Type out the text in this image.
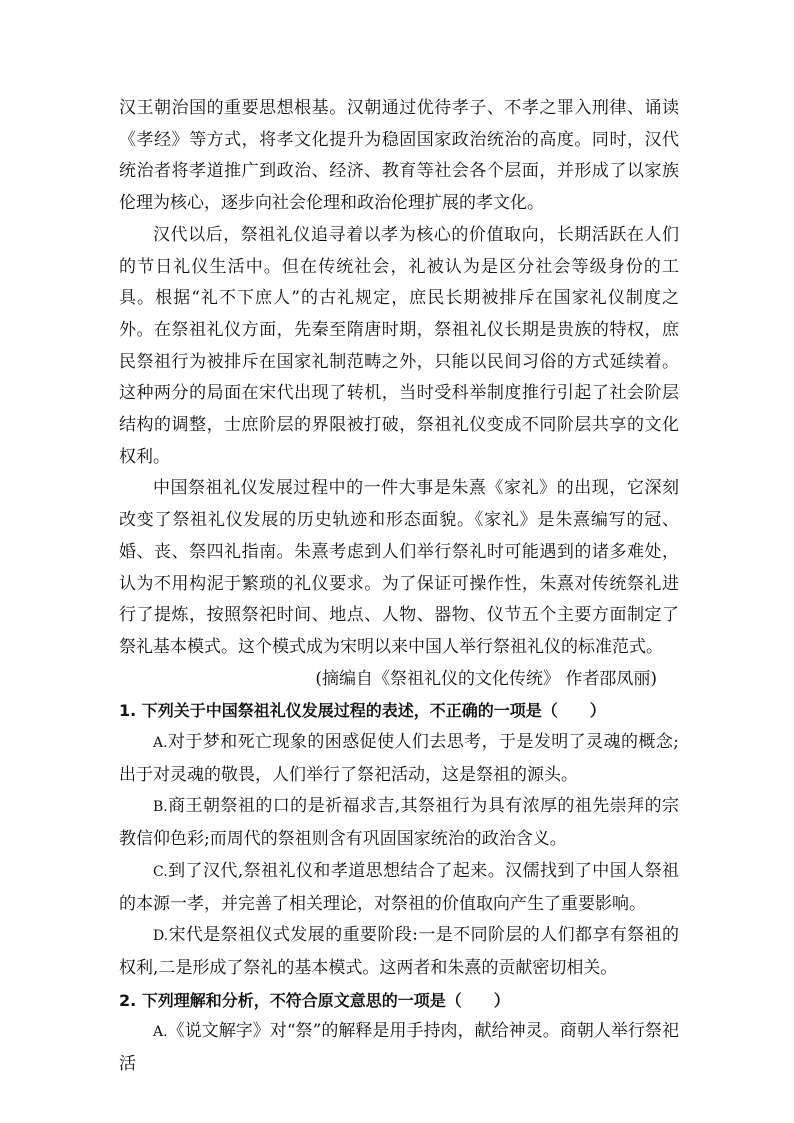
汉王朝治国的重要思想根基。汉朝通过优待孝子、不孝之罪入刑律、诵读《孝经》等方式，将孝文化提升为稳固国家政治统治的高度。同时，汉代统治者将孝道推广到政治、经济、教育等社会各个层面，并形成了以家族伦理为核心，逐步向社会伦理和政治伦理扩展的孝文化。

汉代以后，祭祖礼仪追寻着以孝为核心的价值取向，长期活跃在人们的节日礼仪生活中。但在传统社会，礼被认为是区分社会等级身份的工具。根据“礼不下庶人”的古礼规定，庶民长期被排斥在国家礼仪制度之外。在祭祖礼仪方面，先秦至隋唐时期，祭祖礼仪长期是贵族的特权，庶民祭祖行为被排斥在国家礼制范畴之外，只能以民间习俗的方式延续着。这种两分的局面在宋代出现了转机，当时受科举制度推行引起了社会阶层结构的调整，士庶阶层的界限被打破，祭祖礼仪变成不同阶层共享的文化权利。

中国祭祖礼仪发展过程中的一件大事是朱熹《家礼》的出现，它深刻改变了祭祖礼仪发展的历史轨迹和形态面貌。《家礼》是朱熹编写的冠、婚、丧、祭四礼指南。朱熹考虑到人们举行祭礼时可能遇到的诸多难处，认为不用构泥于繁琐的礼仪要求。为了保证可操作性，朱熹对传统祭礼进行了提炼，按照祭祀时间、地点、人物、器物、仪节五个主要方面制定了祭礼基本模式。这个模式成为宋明以来中国人举行祭祖礼仪的标准范式。

(摘编自《祭祖礼仪的文化传统》 作者邵凤丽)

1. 下列关于中国祭祖礼仪发展过程的表述，不正确的一项是（　　）

A.对于梦和死亡现象的困惑促使人们去思考，于是发明了灵魂的概念;出于对灵魂的敬畏，人们举行了祭祀活动，这是祭祖的源头。

B.商王朝祭祖的口的是祈福求吉,其祭祖行为具有浓厚的祖先崇拜的宗教信仰色彩;而周代的祭祖则含有巩固国家统治的政治含义。

C.到了汉代,祭祖礼仪和孝道思想结合了起来。汉儒找到了中国人祭祖的本源一孝，并完善了相关理论，对祭祖的价值取向产生了重要影响。

D.宋代是祭祖仪式发展的重要阶段:一是不同阶层的人们都享有祭祖的权利,二是形成了祭礼的基本模式。这两者和朱熹的贡献密切相关。

2. 下列理解和分析，不符合原文意思的一项是（　　）

A.《说文解字》对“祭”的解释是用手持肉，献给神灵。商朝人举行祭祀活
